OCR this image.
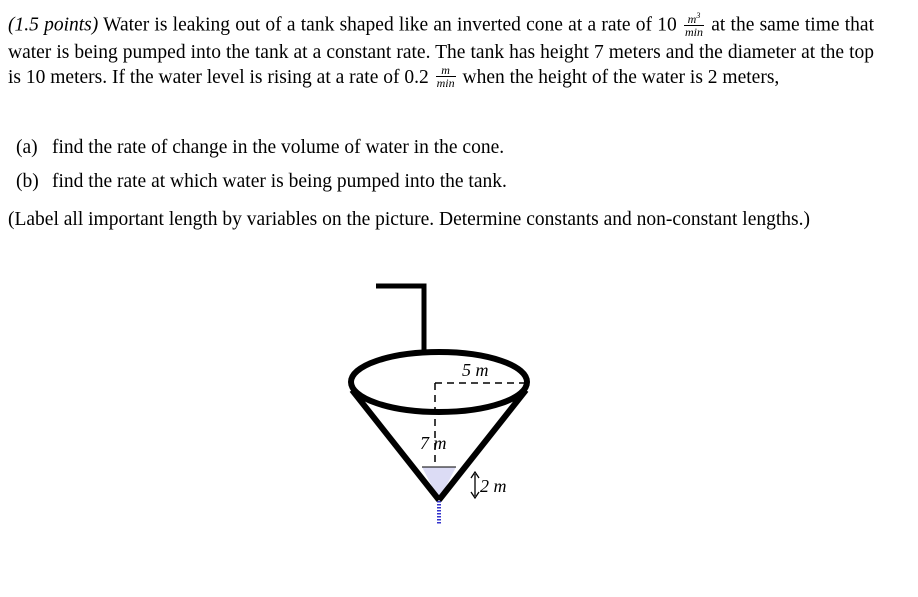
(1.5 points) Water is leaking out of a tank shaped like an inverted cone at a rate of $10 \frac{m^3}{\min}$ at the same time that water is being pumped into the tank at a constant rate. The tank has height 7 meters and the diameter at the top is 10 meters. If the water level is rising at a rate of $0.2 \frac{m}{\min}$ when the height of the water is 2 meters,
(a) find the rate of change in the volume of water in the cone.
(b) find the rate at which water is being pumped into the tank.
(Label all important length by variables on the picture. Determine constants and non-constant lengths.)
5 m
7 m
2 m
